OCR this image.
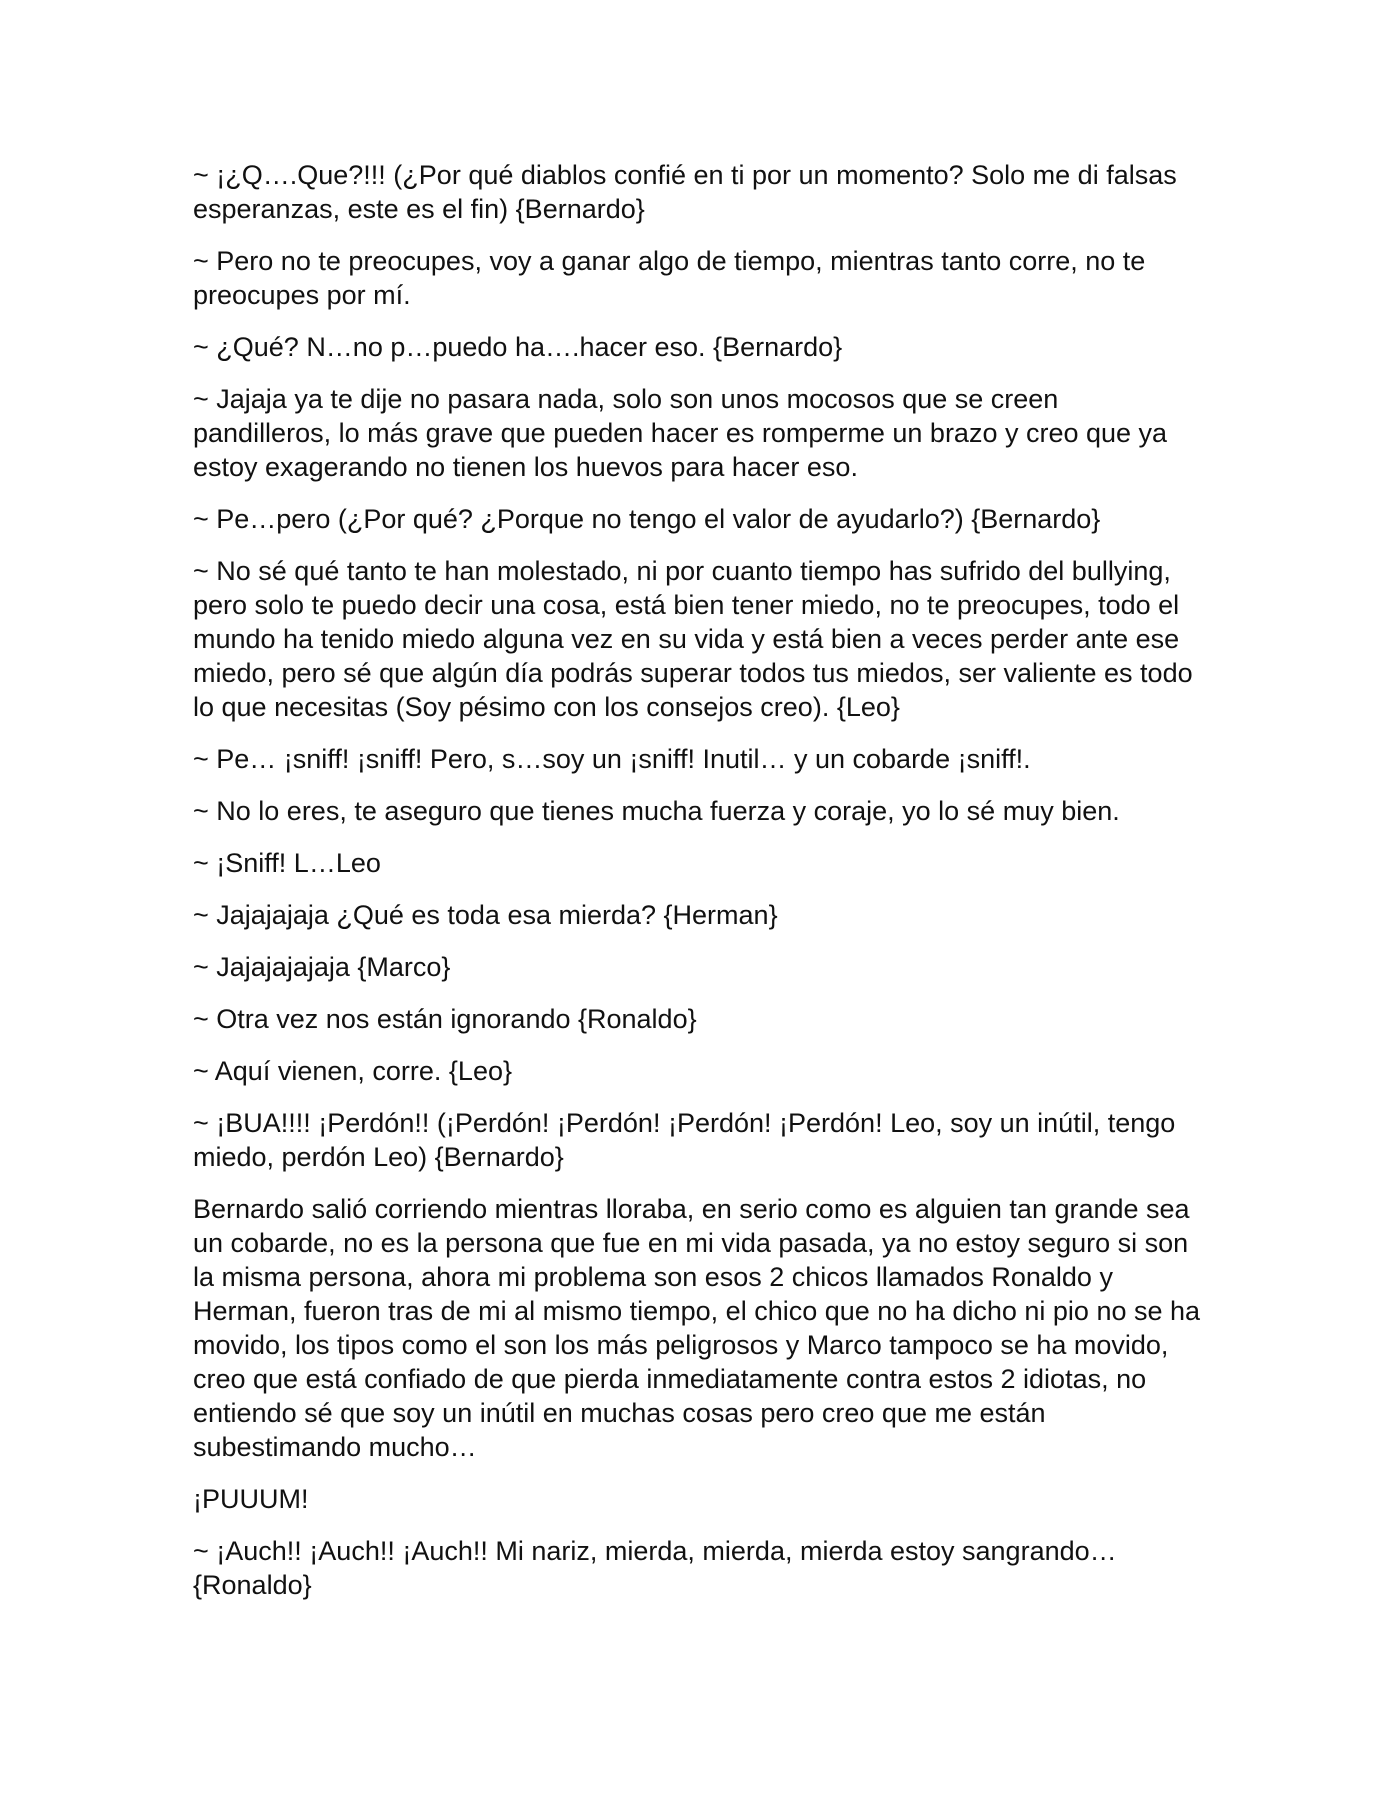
~ ¡¿Q….Que?!!! (¿Por qué diablos confié en ti por un momento? Solo me di falsas esperanzas, este es el fin) {Bernardo}

~ Pero no te preocupes, voy a ganar algo de tiempo, mientras tanto corre, no te preocupes por mí.

~ ¿Qué? N…no p…puedo ha….hacer eso. {Bernardo}

~ Jajaja ya te dije no pasara nada, solo son unos mocosos que se creen pandilleros, lo más grave que pueden hacer es romperme un brazo y creo que ya estoy exagerando no tienen los huevos para hacer eso.

~ Pe…pero (¿Por qué? ¿Porque no tengo el valor de ayudarlo?) {Bernardo}

~ No sé qué tanto te han molestado, ni por cuanto tiempo has sufrido del bullying, pero solo te puedo decir una cosa, está bien tener miedo, no te preocupes, todo el mundo ha tenido miedo alguna vez en su vida y está bien a veces perder ante ese miedo, pero sé que algún día podrás superar todos tus miedos, ser valiente es todo lo que necesitas (Soy pésimo con los consejos creo). {Leo}

~ Pe… ¡sniff! ¡sniff! Pero, s…soy un ¡sniff! Inutil… y un cobarde ¡sniff!.

~ No lo eres, te aseguro que tienes mucha fuerza y coraje, yo lo sé muy bien.

~ ¡Sniff! L…Leo

~ Jajajajaja ¿Qué es toda esa mierda? {Herman}

~ Jajajajajaja {Marco}

~ Otra vez nos están ignorando {Ronaldo}

~ Aquí vienen, corre. {Leo}

~ ¡BUA!!!! ¡Perdón!! (¡Perdón! ¡Perdón! ¡Perdón! ¡Perdón! Leo, soy un inútil, tengo miedo, perdón Leo) {Bernardo}

Bernardo salió corriendo mientras lloraba, en serio como es alguien tan grande sea un cobarde, no es la persona que fue en mi vida pasada, ya no estoy seguro si son la misma persona, ahora mi problema son esos 2 chicos llamados Ronaldo y Herman, fueron tras de mi al mismo tiempo, el chico que no ha dicho ni pio no se ha movido, los tipos como el son los más peligrosos y Marco tampoco se ha movido, creo que está confiado de que pierda inmediatamente contra estos 2 idiotas, no entiendo sé que soy un inútil en muchas cosas pero creo que me están subestimando mucho…

¡PUUUM!

~ ¡Auch!! ¡Auch!! ¡Auch!! Mi nariz, mierda, mierda, mierda estoy sangrando…{Ronaldo}
